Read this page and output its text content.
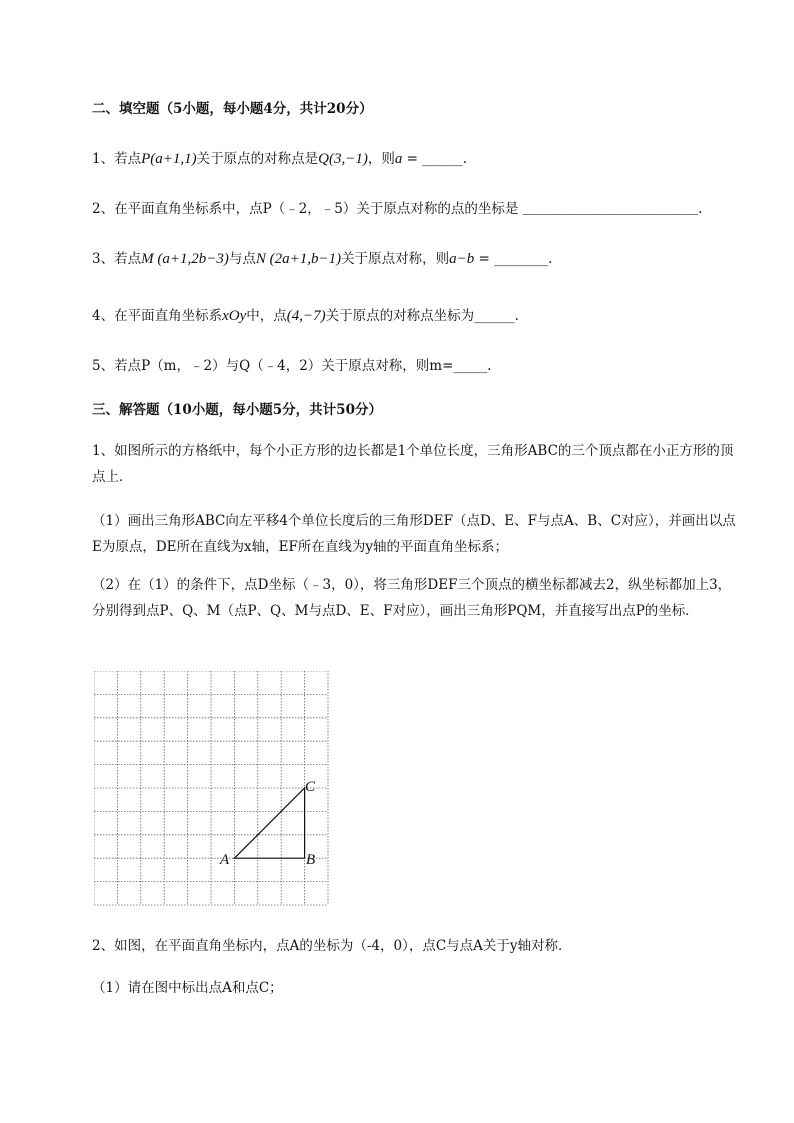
二、填空题（5小题，每小题4分，共计20分）
1、若点P(a+1,1)关于原点的对称点是Q(3,−1)，则a = ______.
2、在平面直角坐标系中，点P（﹣2，﹣5）关于原点对称的点的坐标是 ＿＿＿＿＿＿＿＿＿＿＿＿＿.
3、若点M (a+1,2b−3)与点N (2a+1,b−1)关于原点对称，则a−b = ________.
4、在平面直角坐标系xOy中，点(4,−7)关于原点的对称点坐标为______.
5、若点P（m，﹣2）与Q（﹣4，2）关于原点对称，则m=_____.
三、解答题（10小题，每小题5分，共计50分）
1、如图所示的方格纸中，每个小正方形的边长都是1个单位长度，三角形ABC的三个顶点都在小正方形的顶点上．
（1）画出三角形ABC向左平移4个单位长度后的三角形DEF（点D、E、F与点A、B、C对应），并画出以点E为原点，DE所在直线为x轴，EF所在直线为y轴的平面直角坐标系；
（2）在（1）的条件下，点D坐标（﹣3，0），将三角形DEF三个顶点的横坐标都减去2，纵坐标都加上3，分别得到点P、Q、M（点P、Q、M与点D、E、F对应），画出三角形PQM，并直接写出点P的坐标．
A	B
C
2、如图，在平面直角坐标内，点A的坐标为（-4，0），点C与点A关于y轴对称．
（1）请在图中标出点A和点C；
